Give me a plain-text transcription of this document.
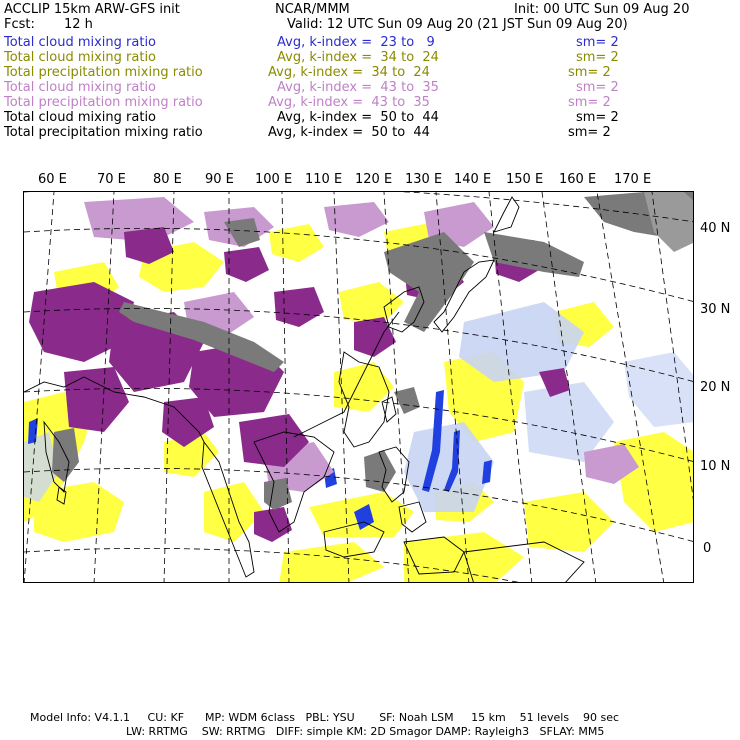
ACCLIP 15km ARW-GFS init	NCAR/MMM	Init: 00 UTC Sun 09 Aug 20
Fcst: 12 h	Valid: 12 UTC Sun 09 Aug 20 (21 JST Sun 09 Aug 20)
Total cloud mixing ratio	Avg, k-index =  23 to   9	sm= 2
Total cloud mixing ratio	Avg, k-index =  34 to  24	sm= 2
Total precipitation mixing ratio	Avg, k-index =  34 to  24	sm= 2
Total cloud mixing ratio	Avg, k-index =  43 to  35	sm= 2
Total precipitation mixing ratio	Avg, k-index =  43 to  35	sm= 2
Total cloud mixing ratio	Avg, k-index =  50 to  44	sm= 2
Total precipitation mixing ratio	Avg, k-index =  50 to  44	sm= 2
60 E 70 E 80 E 90 E 100 E 110 E 120 E 130 E 140 E 150 E 160 E 170 E
40 N
30 N
20 N
10 N
0
Model Info: V4.1.1     CU: KF      MP: WDM 6class   PBL: YSU       SF: Noah LSM     15 km    51 levels    90 sec
LW: RRTMG    SW: RRTMG   DIFF: simple KM: 2D Smagor DAMP: Rayleigh3   SFLAY: MM5
